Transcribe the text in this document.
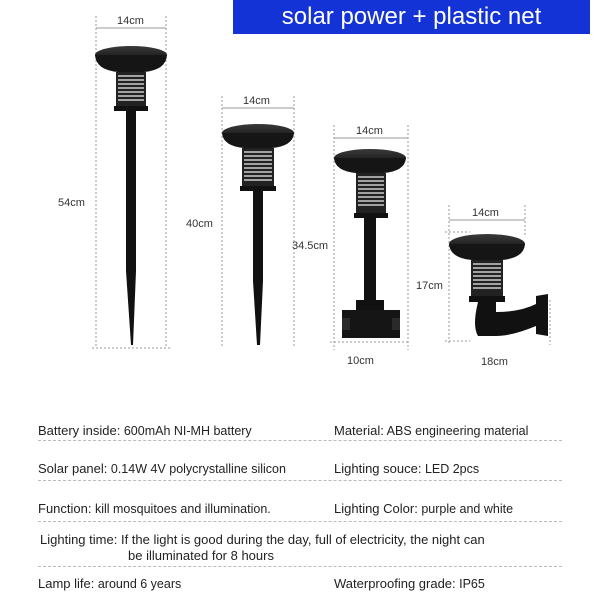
solar power + plastic net
14cm
54cm
14cm
40cm
14cm
34.5cm
10cm
14cm
17cm
18cm
Battery inside: 600mAh NI-MH battery	Material: ABS engineering material
Solar panel: 0.14W 4V polycrystalline silicon	Lighting souce: LED 2pcs
Function: kill mosquitoes and illumination.	Lighting Color: purple and white
Lighting time: If the light is good during the day, full of electricity, the night can
be illuminated for 8 hours
Lamp life: around 6 years	Waterproofing grade: IP65
